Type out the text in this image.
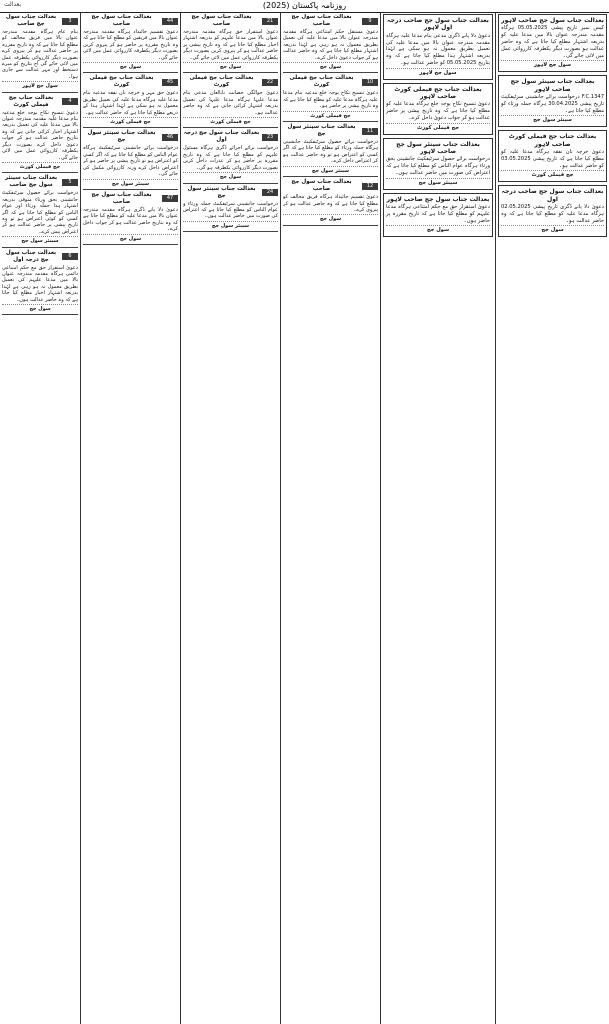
بعدالت	روزنامہ پاکستان (2025)
3
بعدالت جناب سول جج صاحب
بنام عام ہرگاہ مقدمہ مندرجہ عنوان بالا میں فریق مخالف کو مطلع کیا جاتا ہے کہ وہ تاریخ مقررہ پر حاضر عدالت ہو کر پیروی کرے بصورت دیگر کارروائی یکطرفہ عمل میں لائی جائے گی آج بتاریخ کو میرے دستخط اور مہر عدالت سے جاری ہوا۔
سول جج لاہور
4
بعدالت جناب جج فیملی کورٹ
دعویٰ تنسیخ نکاح بوجہ خلع مدعیہ بنام مدعا علیہ مقدمہ مندرجہ عنوان بالا میں مدعا علیہ کی تعمیل بذریعہ اشتہار اخبار کرائی جاتی ہے کہ وہ بتاریخ حاضر عدالت ہو کر جواب دعویٰ داخل کرے بصورت دیگر یکطرفہ کارروائی عمل میں لائی جائے گی۔
جج فیملی کورٹ
5
بعدالت جناب سینئر سول جج صاحب
درخواست برائے حصول سرٹیفکیٹ جانشینی بحق ورثاء متوفی بذریعہ اشتہار ہذا جملہ ورثاء اور عوام الناس کو مطلع کیا جاتا ہے کہ اگر کسی کو کوئی اعتراض ہو تو وہ تاریخ پیشی پر حاضر عدالت ہو کر اعتراض پیش کرے۔
سینئر سول جج
6
بعدالت جناب سول جج درجہ اول
دعویٰ استقرار حق مع حکم امتناعی دائمی ہرگاہ مقدمہ مندرجہ عنوان بالا میں مدعا علیہم کی تعمیل بطریق معمول نہ ہو رہی ہے لہٰذا بذریعہ اشتہار اخبار مطلع کیا جاتا ہے کہ وہ حاضر عدالت ہوں۔
سول جج
44
بعدالت جناب سول جج صاحب
دعویٰ تقسیم جائیداد ہرگاہ مقدمہ مندرجہ عنوان بالا میں فریقین کو مطلع کیا جاتا ہے کہ وہ تاریخ مقررہ پر حاضر ہو کر پیروی کریں بصورت دیگر یکطرفہ کارروائی عمل میں لائی جائے گی۔
سول جج
45
بعدالت جناب جج فیملی کورٹ
دعویٰ حق مہر و خرچہ نان نفقہ مدعیہ بنام مدعا علیہ ہرگاہ مدعا علیہ کی تعمیل بطریق معمول نہ ہو سکی ہے لہٰذا اشتہار ہذا کے ذریعے مطلع کیا جاتا ہے کہ حاضر عدالت ہو۔
جج فیملی کورٹ
46
بعدالت جناب سینئر سول جج
درخواست برائے جانشینی سرٹیفکیٹ ہرگاہ عوام الناس کو مطلع کیا جاتا ہے کہ اگر کسی کو اعتراض ہو تو تاریخ پیشی پر حاضر ہو کر اعتراض داخل کرے ورنہ کارروائی مکمل کی جائے گی۔
سینئر سول جج
47
بعدالت جناب سول جج صاحب
دعویٰ دلا پانے ڈگری ہرگاہ مقدمہ مندرجہ عنوان بالا میں مدعا علیہ کو مطلع کیا جاتا ہے کہ وہ بتاریخ حاضر عدالت ہو کر جواب داخل کرے۔
سول جج
21
بعدالت جناب سول جج صاحب
دعویٰ استقرار حق ہرگاہ مقدمہ مندرجہ عنوان بالا میں مدعا علیہم کو بذریعہ اشتہار اخبار مطلع کیا جاتا ہے کہ وہ تاریخ پیشی پر حاضر عدالت ہو کر پیروی کریں بصورت دیگر یکطرفہ کارروائی عمل میں لائی جائے گی۔
سول جج
22
بعدالت جناب جج فیملی کورٹ
دعویٰ حوالگی حضانت نابالغان مدعی بنام مدعا علیہا ہرگاہ مدعا علیہا کی تعمیل بذریعہ اشتہار کرائی جاتی ہے کہ وہ حاضر عدالت ہو۔
جج فیملی کورٹ
23
بعدالت جناب سول جج درجہ اول
درخواست برائے اجرائے ڈگری ہرگاہ مسئول علیہم کو مطلع کیا جاتا ہے کہ وہ تاریخ مقررہ پر حاضر ہو کر عذرات داخل کریں بصورت دیگر کارروائی یکطرفہ ہو گی۔
سول جج
24
بعدالت جناب سینئر سول جج
درخواست جانشینی سرٹیفکیٹ جملہ ورثاء و عوام الناس کو مطلع کیا جاتا ہے کہ اعتراض کی صورت میں حاضر عدالت ہوں۔
سینئر سول جج
9
بعدالت جناب سول جج صاحب
دعویٰ مستقل حکم امتناعی ہرگاہ مقدمہ مندرجہ عنوان بالا میں مدعا علیہ کی تعمیل بطریق معمول نہ ہو رہی ہے لہٰذا بذریعہ اشتہار مطلع کیا جاتا ہے کہ وہ حاضر عدالت ہو کر جواب دعویٰ داخل کرے۔
سول جج
10
بعدالت جناب جج فیملی کورٹ
دعویٰ تنسیخ نکاح بوجہ خلع مدعیہ بنام مدعا علیہ ہرگاہ مدعا علیہ کو مطلع کیا جاتا ہے کہ وہ تاریخ پیشی پر حاضر ہو۔
جج فیملی کورٹ
11
بعدالت جناب سینئر سول جج
درخواست برائے حصول سرٹیفکیٹ جانشینی ہرگاہ جملہ ورثاء کو مطلع کیا جاتا ہے کہ اگر کسی کو اعتراض ہو تو وہ حاضر عدالت ہو کر اعتراض داخل کرے۔
سینئر سول جج
12
بعدالت جناب سول جج صاحب
دعویٰ تقسیم جائیداد ہرگاہ فریق مخالف کو مطلع کیا جاتا ہے کہ وہ حاضر عدالت ہو کر پیروی کرے۔
سول جج
بعدالت جناب سول جج صاحب درجہ اول لاہور
دعویٰ دلا پانے ڈگری مدعی بنام مدعا علیہ ہرگاہ مقدمہ مندرجہ عنوان بالا میں مدعا علیہ کی تعمیل بطریق معمول نہ ہو سکی ہے لہٰذا بذریعہ اشتہار ہذا مطلع کیا جاتا ہے کہ وہ بتاریخ 05.05.2025 کو حاضر عدالت ہو۔
سول جج لاہور
بعدالت جناب جج فیملی کورٹ صاحب لاہور
دعویٰ تنسیخ نکاح بوجہ خلع ہرگاہ مدعا علیہ کو مطلع کیا جاتا ہے کہ وہ تاریخ پیشی پر حاضر عدالت ہو کر جواب دعویٰ داخل کرے۔
جج فیملی کورٹ
بعدالت جناب سینئر سول جج صاحب لاہور
درخواست برائے حصول سرٹیفکیٹ جانشینی بحق ورثاء ہرگاہ عوام الناس کو مطلع کیا جاتا ہے کہ اعتراض کی صورت میں حاضر عدالت ہوں۔
سینئر سول جج
بعدالت جناب سول جج صاحب لاہور
دعویٰ استقرار حق مع حکم امتناعی ہرگاہ مدعا علیہم کو مطلع کیا جاتا ہے کہ تاریخ مقررہ پر حاضر ہوں۔
سول جج
بعدالت جناب سول جج صاحب لاہور
کیس نمبر تاریخ پیشی 05.05.2025 ہرگاہ مقدمہ مندرجہ عنوان بالا میں مدعا علیہ کو بذریعہ اشتہار مطلع کیا جاتا ہے کہ وہ حاضر عدالت ہو بصورت دیگر یکطرفہ کارروائی عمل میں لائی جائے گی۔
سول جج لاہور
بعدالت جناب سینئر سول جج صاحب لاہور
F.C.1347 درخواست برائے جانشینی سرٹیفکیٹ تاریخ پیشی 30.04.2025 ہرگاہ جملہ ورثاء کو مطلع کیا جاتا ہے۔
سینئر سول جج
بعدالت جناب جج فیملی کورٹ صاحب لاہور
دعویٰ خرچہ نان نفقہ ہرگاہ مدعا علیہ کو مطلع کیا جاتا ہے کہ تاریخ پیشی 03.05.2025 کو حاضر عدالت ہو۔
جج فیملی کورٹ
بعدالت جناب سول جج صاحب درجہ اول
دعویٰ دلا پانے ڈگری تاریخ پیشی 02.05.2025 ہرگاہ مدعا علیہ کو مطلع کیا جاتا ہے کہ وہ حاضر عدالت ہو۔
سول جج
